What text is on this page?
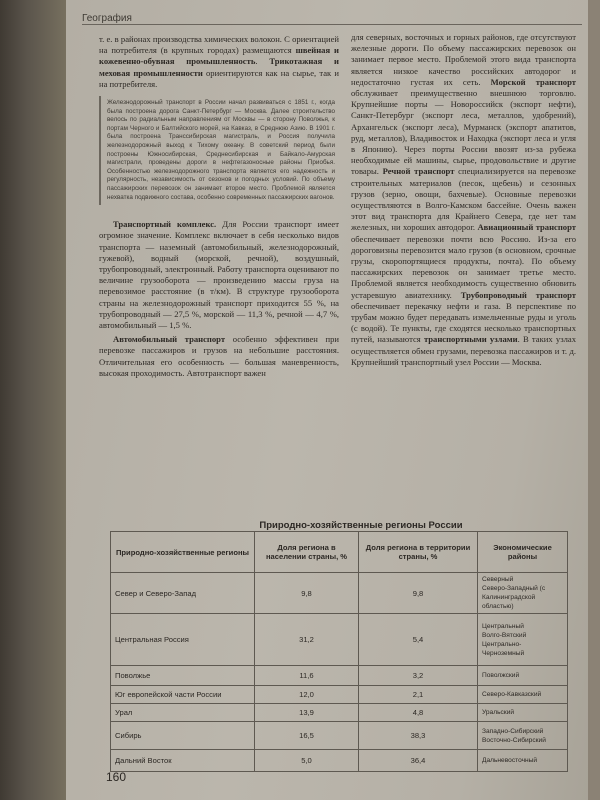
География

т. е. в районах производства химических волокон. С ориентацией на потребителя (в крупных городах) размещаются швейная и кожевенно-обувная промышленность. Трикотажная и меховая промышленности ориентируются как на сырье, так и на потребителя.

Железнодорожный транспорт в России начал развиваться с 1851 г., когда была построена дорога Санкт-Петербург — Москва. Далее строительство велось по радиальным направлениям от Москвы — в сторону Поволжья, к портам Черного и Балтийского морей, на Кавказ, в Среднюю Азию. В 1901 г. была построена Транссибирская магистраль, и Россия получила железнодорожный выход к Тихому океану. В советский период были построены Южносибирская, Среднесибирская и Байкало-Амурская магистрали, проведены дороги в нефтегазоносные районы Приобья. Особенностью железнодорожного транспорта является его надежность и регулярность, независимость от сезонов и погодных условий. По объему пассажирских перевозок он занимает второе место. Проблемой является нехватка подвижного состава, особенно современных пассажирских вагонов.

Транспортный комплекс. Для России транспорт имеет огромное значение. Комплекс включает в себя несколько видов транспорта — наземный (автомобильный, железнодорожный, гужевой), водный (морской, речной), воздушный, трубопроводный, электронный. Работу транспорта оценивают по величине грузооборота — произведению массы груза на перевозимое расстояние (в т/км). В структуре грузооборота страны на железнодорожный транспорт приходится 55 %, на трубопроводный — 27,5 %, морской — 11,3 %, речной — 4,7 %, автомобильный — 1,5 %.

Автомобильный транспорт особенно эффективен при перевозке пассажиров и грузов на небольшие расстояния. Отличительная его особенность — большая маневренность, высокая проходимость. Автотранспорт важен

для северных, восточных и горных районов, где отсутствуют железные дороги. По объему пассажирских перевозок он занимает первое место. Проблемой этого вида транспорта является низкое качество российских автодорог и недостаточно густая их сеть. Морской транспорт обслуживает преимущественно внешнюю торговлю. Крупнейшие порты — Новороссийск (экспорт нефти), Санкт-Петербург (экспорт леса, металлов, удобрений), Архангельск (экспорт леса), Мурманск (экспорт апатитов, руд, металлов), Владивосток и Находка (экспорт леса и угля в Японию). Через порты России ввозят из-за рубежа необходимые ей машины, сырье, продовольствие и другие товары. Речной транспорт специализируется на перевозке строительных материалов (песок, щебень) и сезонных грузов (зерно, овощи, бахчевые). Основные перевозки осуществляются в Волго-Камском бассейне. Очень важен этот вид транспорта для Крайнего Севера, где нет там железных, ни хороших автодорог. Авиационный транспорт обеспечивает перевозки почти всю Россию. Из-за его дороговизны перевозится мало грузов (в основном, срочные грузы, скоропортящиеся продукты, почта). По объему пассажирских перевозок он занимает третье место. Проблемой является необходимость существенно обновить устаревшую авиатехнику. Трубопроводный транспорт обеспечивает перекачку нефти и газа. В перспективе по трубам можно будет передавать измельченные руды и уголь (с водой). Те пункты, где сходятся несколько транспортных путей, называются транспортными узлами. В таких узлах осуществляется обмен грузами, перевозка пассажиров и т. д. Крупнейший транспортный узел России — Москва.

Природно-хозяйственные регионы России
Природно-хозяйственные регионы	Доля региона в населении страны, %	Доля региона в территории страны, %	Экономические районы
Север и Северо-Запад	9,8	9,8	Северный
Северо-Западный (с Калининградской областью)
Центральная Россия	31,2	5,4	Центральный
Волго-Вятский
Центрально-Черноземный
Поволжье	11,6	3,2	Поволжский
Юг европейской части России	12,0	2,1	Северо-Кавказский
Урал	13,9	4,8	Уральский
Сибирь	16,5	38,3	Западно-Сибирский
Восточно-Сибирский
Дальний Восток	5,0	36,4	Дальневосточный
160
